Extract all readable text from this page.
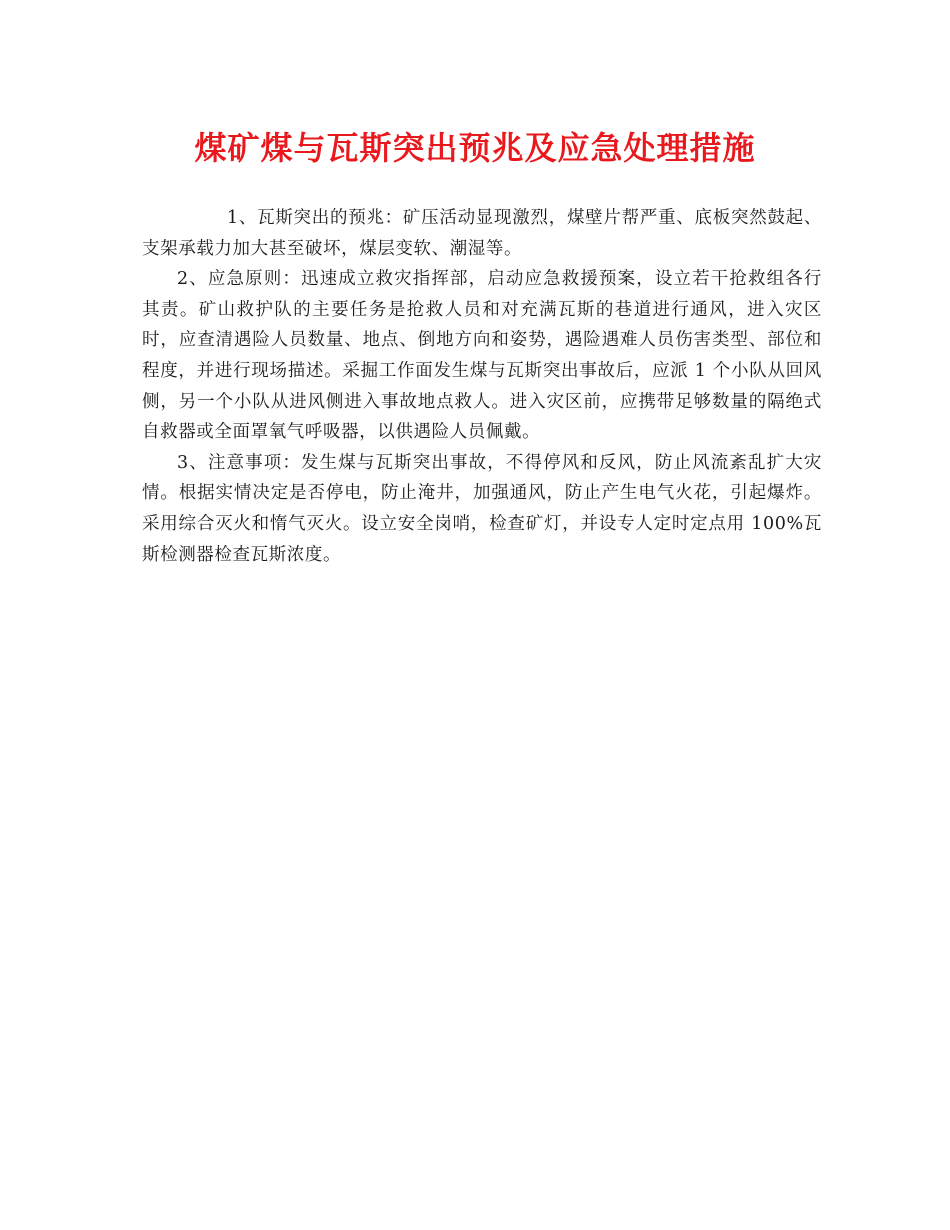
煤矿煤与瓦斯突出预兆及应急处理措施

1、瓦斯突出的预兆：矿压活动显现激烈，煤壁片帮严重、底板突然鼓起、支架承载力加大甚至破坏，煤层变软、潮湿等。

2、应急原则：迅速成立救灾指挥部，启动应急救援预案，设立若干抢救组各行其责。矿山救护队的主要任务是抢救人员和对充满瓦斯的巷道进行通风，进入灾区时，应查清遇险人员数量、地点、倒地方向和姿势，遇险遇难人员伤害类型、部位和程度，并进行现场描述。采掘工作面发生煤与瓦斯突出事故后，应派 1 个小队从回风侧，另一个小队从进风侧进入事故地点救人。进入灾区前，应携带足够数量的隔绝式自救器或全面罩氧气呼吸器，以供遇险人员佩戴。

3、注意事项：发生煤与瓦斯突出事故，不得停风和反风，防止风流紊乱扩大灾情。根据实情决定是否停电，防止淹井，加强通风，防止产生电气火花，引起爆炸。采用综合灭火和惰气灭火。设立安全岗哨，检查矿灯，并设专人定时定点用 100%瓦斯检测器检查瓦斯浓度。
